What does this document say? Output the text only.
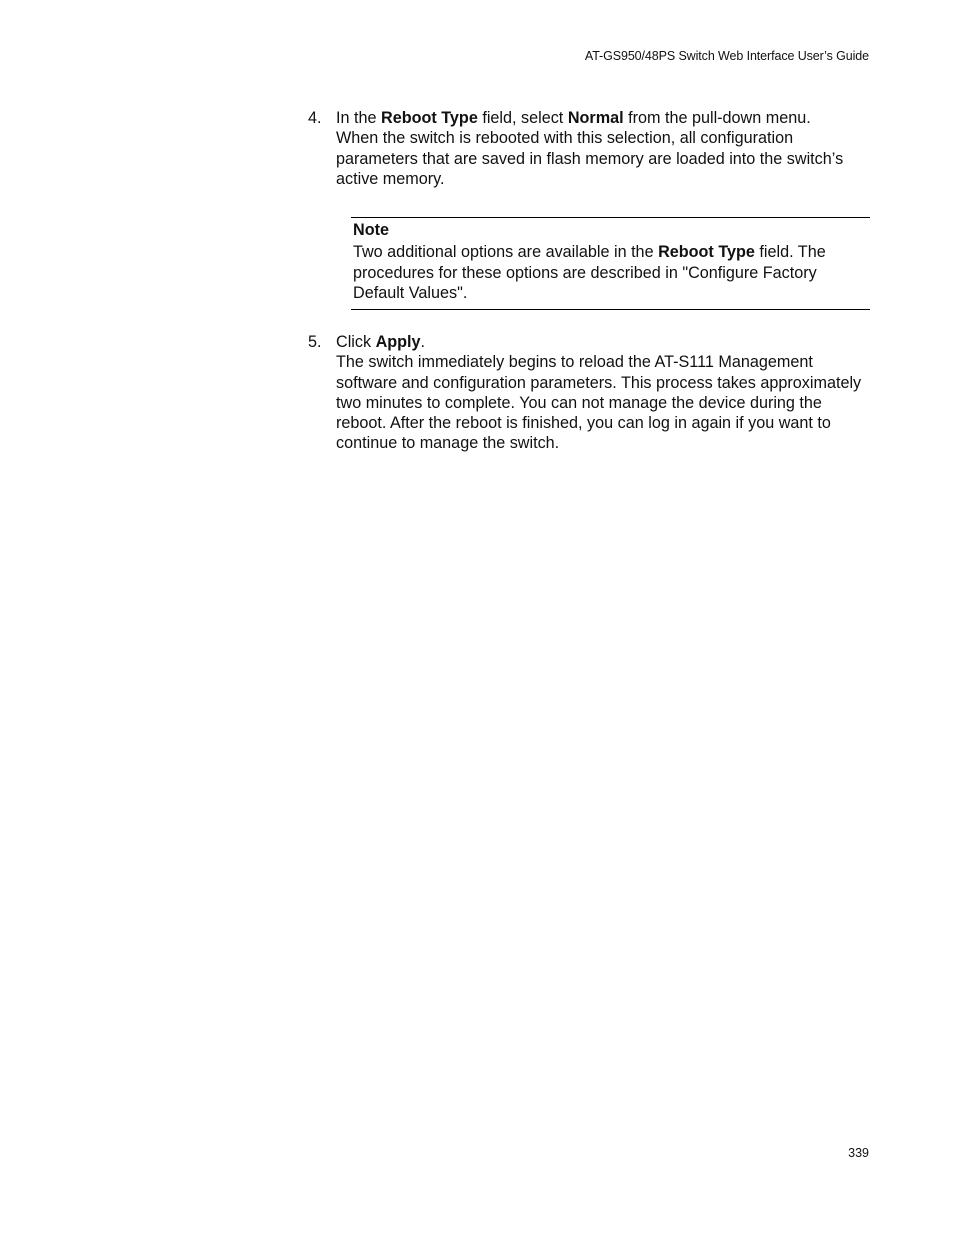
AT-GS950/48PS Switch Web Interface User’s Guide
4. In the Reboot Type field, select Normal from the pull-down menu.
When the switch is rebooted with this selection, all configuration parameters that are saved in flash memory are loaded into the switch’s active memory.
Note
Two additional options are available in the Reboot Type field. The procedures for these options are described in "Configure Factory Default Values".
5. Click Apply.
The switch immediately begins to reload the AT-S111 Management software and configuration parameters. This process takes approximately two minutes to complete. You can not manage the device during the reboot. After the reboot is finished, you can log in again if you want to continue to manage the switch.
339
